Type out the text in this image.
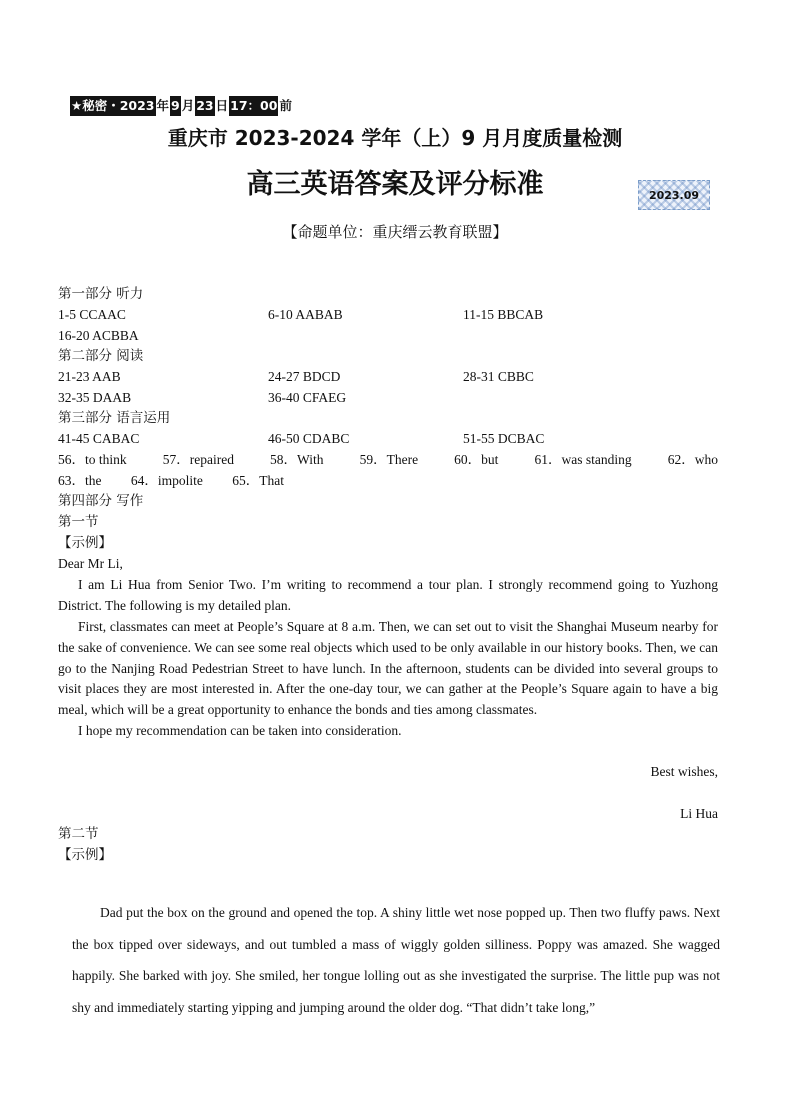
★秘密・2023 年 9 月 23 日 17：00 前
重庆市 2023-2024 学年（上）9 月月度质量检测
高三英语答案及评分标准	2023.09
【命题单位：重庆缙云教育联盟】
第一部分 听力
1-5 CCAAC	6-10 AABAB	11-15 BBCAB
16-20 ACBBA
第二部分 阅读
21-23 AAB	24-27 BDCD	28-31 CBBC
32-35 DAAB	36-40 CFAEG
第三部分 语言运用
41-45 CABAC	46-50 CDABC	51-55 DCBAC
56．to think	57．repaired	58．With	59．There	60．but	61．was standing	62．who
63．the 64．impolite 65．That
第四部分 写作
第一节
【示例】
Dear Mr Li,
I am Li Hua from Senior Two. I’m writing to recommend a tour plan. I strongly recommend going to Yuzhong District. The following is my detailed plan.
First, classmates can meet at People’s Square at 8 a.m. Then, we can set out to visit the Shanghai Museum nearby for the sake of convenience. We can see some real objects which used to be only available in our history books. Then, we can go to the Nanjing Road Pedestrian Street to have lunch. In the afternoon, students can be divided into several groups to visit places they are most interested in. After the one-day tour, we can gather at the People’s Square again to have a big meal, which will be a great opportunity to enhance the bonds and ties among classmates.
I hope my recommendation can be taken into consideration.
Best wishes,
Li Hua
第二节
【示例】
Dad put the box on the ground and opened the top. A shiny little wet nose popped up. Then two fluffy paws. Next the box tipped over sideways, and out tumbled a mass of wiggly golden silliness. Poppy was amazed. She wagged happily. She barked with joy. She smiled, her tongue lolling out as she investigated the surprise. The little pup was not shy and immediately starting yipping and jumping around the older dog. “That didn’t take long,”
